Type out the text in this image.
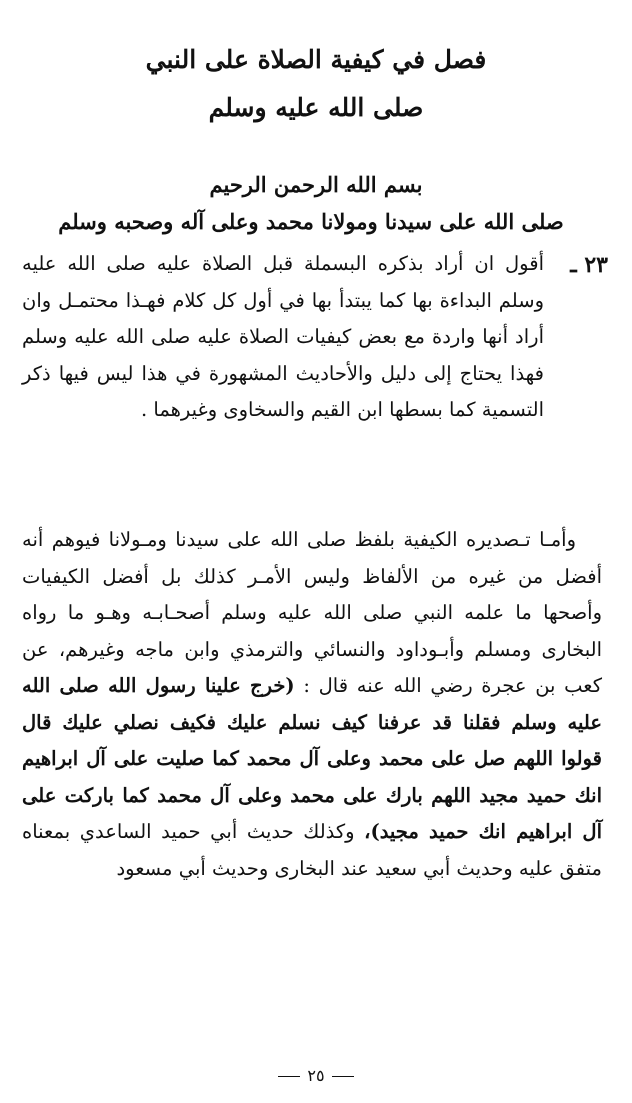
فصل في كيفية الصلاة على النبي
صلى الله عليه وسلم
بسم الله الرحمن الرحيم
صلى الله على سيدنا ومولانا محمد وعلى آله وصحبه وسلم
٢٣ ـ
أقول ان أراد بذكره البسملة قبل الصلاة عليه صلى الله عليه وسلم البداءة بها كما يبتدأ بها في أول كل كلام فهـذا محتمـل وان أراد أنها واردة مع بعض كيفيات الصلاة عليه صلى الله عليه وسلم فهذا يحتاج إلى دليل والأحاديث المشهورة في هذا ليس فيها ذكر التسمية كما بسطها ابن القيم والسخاوى وغيرهما .
وأمـا تـصديره الكيفية بلفظ صلى الله على سيدنا ومـولانا فيوهم أنه أفضل من غيره من الألفاظ وليس الأمـر كذلك بل أفضل الكيفيات وأصحها ما علمه النبي صلى الله عليه وسلم أصحـابـه وهـو ما رواه البخارى ومسلم وأبـوداود والنسائي والترمذي وابن ماجه وغيرهم، عن كعب بن عجرة رضي الله عنه قال : (خرج علينا رسول الله صلى الله عليه وسلم فقلنا قد عرفنا كيف نسلم عليك فكيف نصلي عليك قال قولوا اللهم صل على محمد وعلى آل محمد كما صليت على آل ابراهيم انك حميد مجيد اللهم بارك على محمد وعلى آل محمد كما باركت على آل ابراهيم انك حميد مجيد)، وكذلك حديث أبي حميد الساعدي بمعناه متفق عليه وحديث أبي سعيد عند البخارى وحديث أبي مسعود
٢٥
